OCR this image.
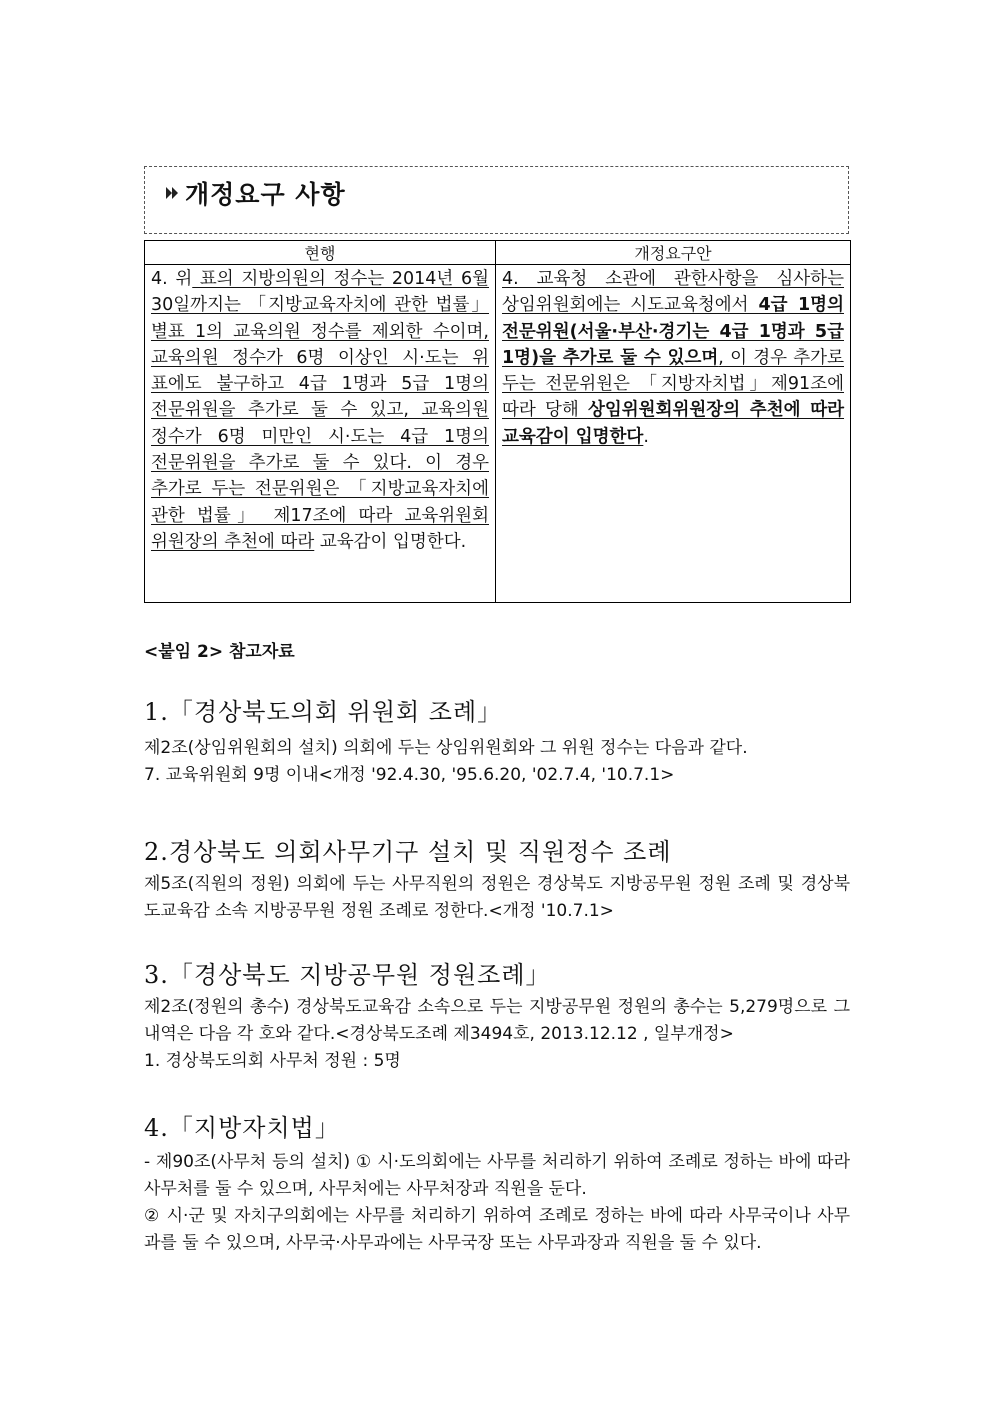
개정요구 사항
현행	개정요구안
4. 위 표의 지방의원의 정수는 2014년 6월 30일까지는 「지방교육자치에 관한 법률」 별표 1의 교육의원 정수를 제외한 수이며, 교육의원 정수가 6명 이상인 시·도는 위 표에도 불구하고 4급 1명과 5급 1명의 전문위원을 추가로 둘 수 있고, 교육의원 정수가 6명 미만인 시·도는 4급 1명의 전문위원을 추가로 둘 수 있다. 이 경우 추가로 두는 전문위원은 「지방교육자치에 관한 법률」 제17조에 따라 교육위원회 위원장의 추천에 따라 교육감이 입명한다.	4. 교육청 소관에 관한사항을 심사하는 상임위원회에는 시도교육청에서 4급 1명의 전문위원(서울·부산·경기는 4급 1명과 5급 1명)을 추가로 둘 수 있으며, 이 경우 추가로 두는 전문위원은 「지방자치법」제91조에 따라 당해 상임위원회위원장의 추천에 따라 교육감이 입명한다.
<붙임 2> 참고자료
1.「경상북도의회 위원회 조례」

제2조(상임위원회의 설치) 의회에 두는 상임위원회와 그 위원 정수는 다음과 같다.

7. 교육위원회 9명 이내<개정 '92.4.30, '95.6.20, '02.7.4, '10.7.1>

2.경상북도 의회사무기구 설치 및 직원정수 조례

제5조(직원의 정원) 의회에 두는 사무직원의 정원은 경상북도 지방공무원 정원 조례 및 경상북도교육감 소속 지방공무원 정원 조례로 정한다.<개정 '10.7.1>

3.「경상북도 지방공무원 정원조례」

제2조(정원의 총수) 경상북도교육감 소속으로 두는 지방공무원 정원의 총수는 5,279명으로 그 내역은 다음 각 호와 같다.<경상북도조례 제3494호, 2013.12.12 , 일부개정>

1. 경상북도의회 사무처 정원 : 5명

4.「지방자치법」

- 제90조(사무처 등의 설치) ① 시·도의회에는 사무를 처리하기 위하여 조례로 정하는 바에 따라 사무처를 둘 수 있으며, 사무처에는 사무처장과 직원을 둔다.

② 시·군 및 자치구의회에는 사무를 처리하기 위하여 조례로 정하는 바에 따라 사무국이나 사무과를 둘 수 있으며, 사무국·사무과에는 사무국장 또는 사무과장과 직원을 둘 수 있다.
